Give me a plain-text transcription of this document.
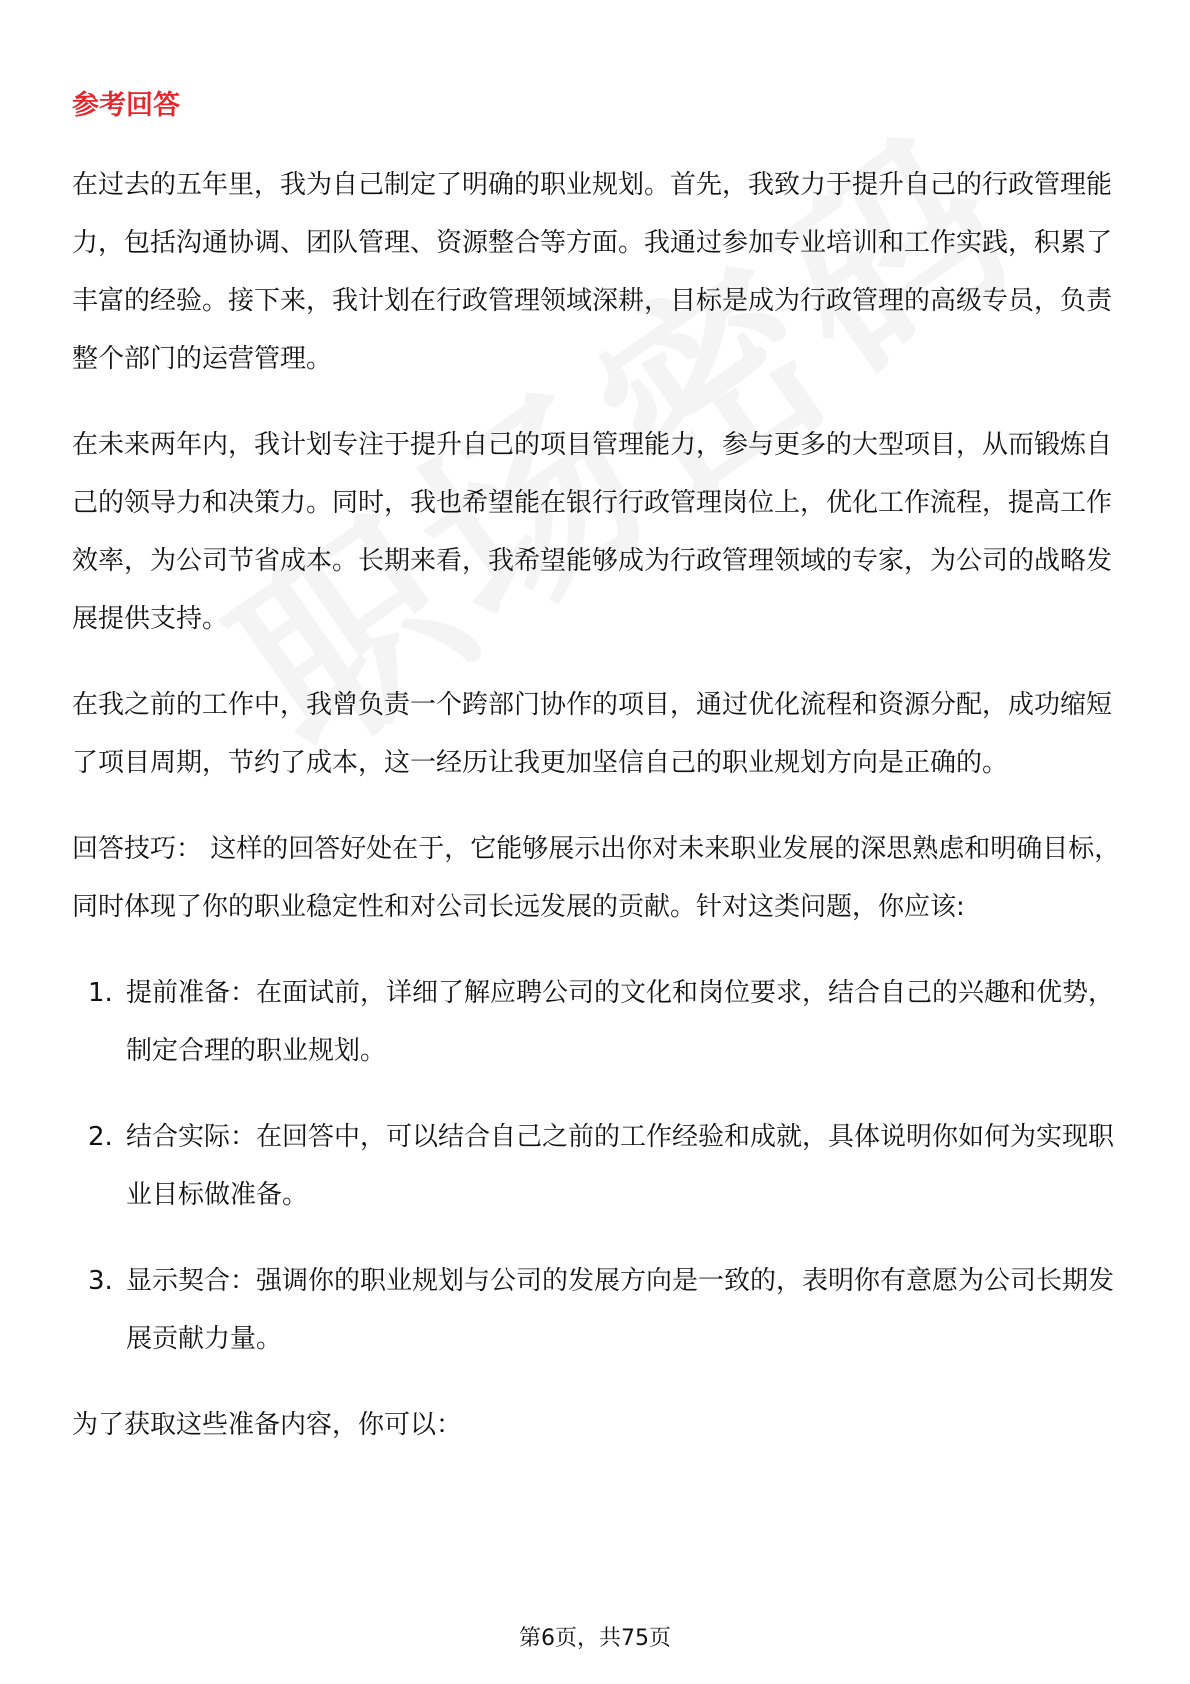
参考回答

在过去的五年里，我为自己制定了明确的职业规划。首先，我致力于提升自己的行政管理能力，包括沟通协调、团队管理、资源整合等方面。我通过参加专业培训和工作实践，积累了丰富的经验。接下来，我计划在行政管理领域深耕，目标是成为行政管理的高级专员，负责整个部门的运营管理。

在未来两年内，我计划专注于提升自己的项目管理能力，参与更多的大型项目，从而锻炼自己的领导力和决策力。同时，我也希望能在银行行政管理岗位上，优化工作流程，提高工作效率，为公司节省成本。长期来看，我希望能够成为行政管理领域的专家，为公司的战略发展提供支持。

在我之前的工作中，我曾负责一个跨部门协作的项目，通过优化流程和资源分配，成功缩短了项目周期，节约了成本，这一经历让我更加坚信自己的职业规划方向是正确的。

回答技巧： 这样的回答好处在于，它能够展示出你对未来职业发展的深思熟虑和明确目标，同时体现了你的职业稳定性和对公司长远发展的贡献。针对这类问题，你应该:

1. 提前准备：在面试前，详细了解应聘公司的文化和岗位要求，结合自己的兴趣和优势，制定合理的职业规划。
2. 结合实际：在回答中，可以结合自己之前的工作经验和成就，具体说明你如何为实现职业目标做准备。
3. 显示契合：强调你的职业规划与公司的发展方向是一致的，表明你有意愿为公司长期发展贡献力量。

为了获取这些准备内容，你可以：

第6页，共75页
